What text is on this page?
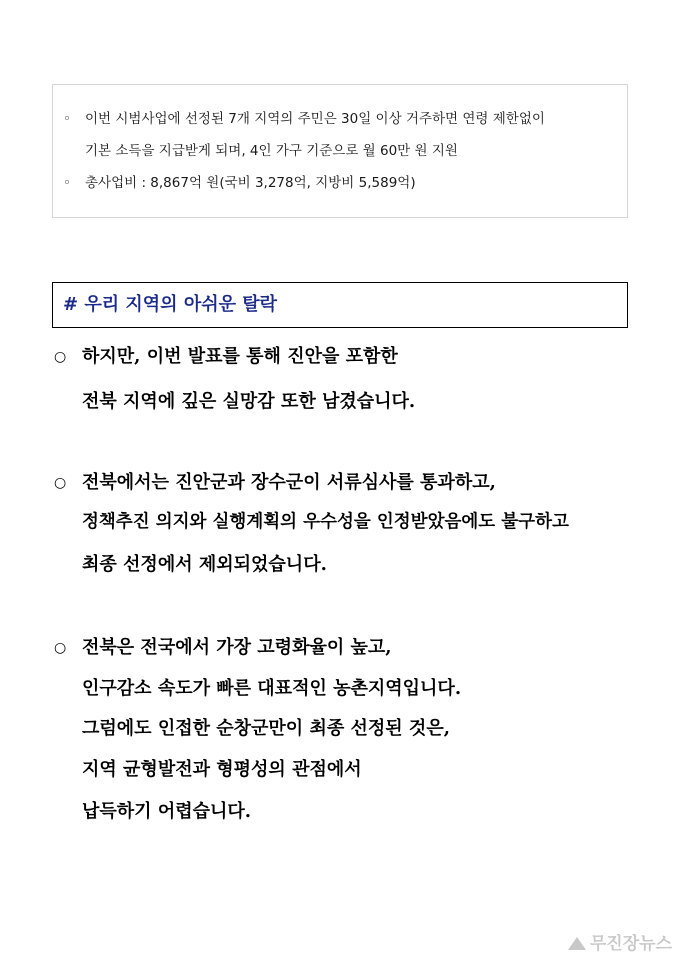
◦ 이번 시범사업에 선정된 7개 지역의 주민은 30일 이상 거주하면 연령 제한없이
기본 소득을 지급받게 되며, 4인 가구 기준으로 월 60만 원 지원
◦ 총사업비 : 8,867억 원(국비 3,278억, 지방비 5,589억)
# 우리 지역의 아쉬운 탈락
○ 하지만, 이번 발표를 통해 진안을 포함한
전북 지역에 깊은 실망감 또한 남겼습니다.
○ 전북에서는 진안군과 장수군이 서류심사를 통과하고,
정책추진 의지와 실행계획의 우수성을 인정받았음에도 불구하고
최종 선정에서 제외되었습니다.
○ 전북은 전국에서 가장 고령화율이 높고,
인구감소 속도가 빠른 대표적인 농촌지역입니다.
그럼에도 인접한 순창군만이 최종 선정된 것은,
지역 균형발전과 형평성의 관점에서
납득하기 어렵습니다.
무진장뉴스
